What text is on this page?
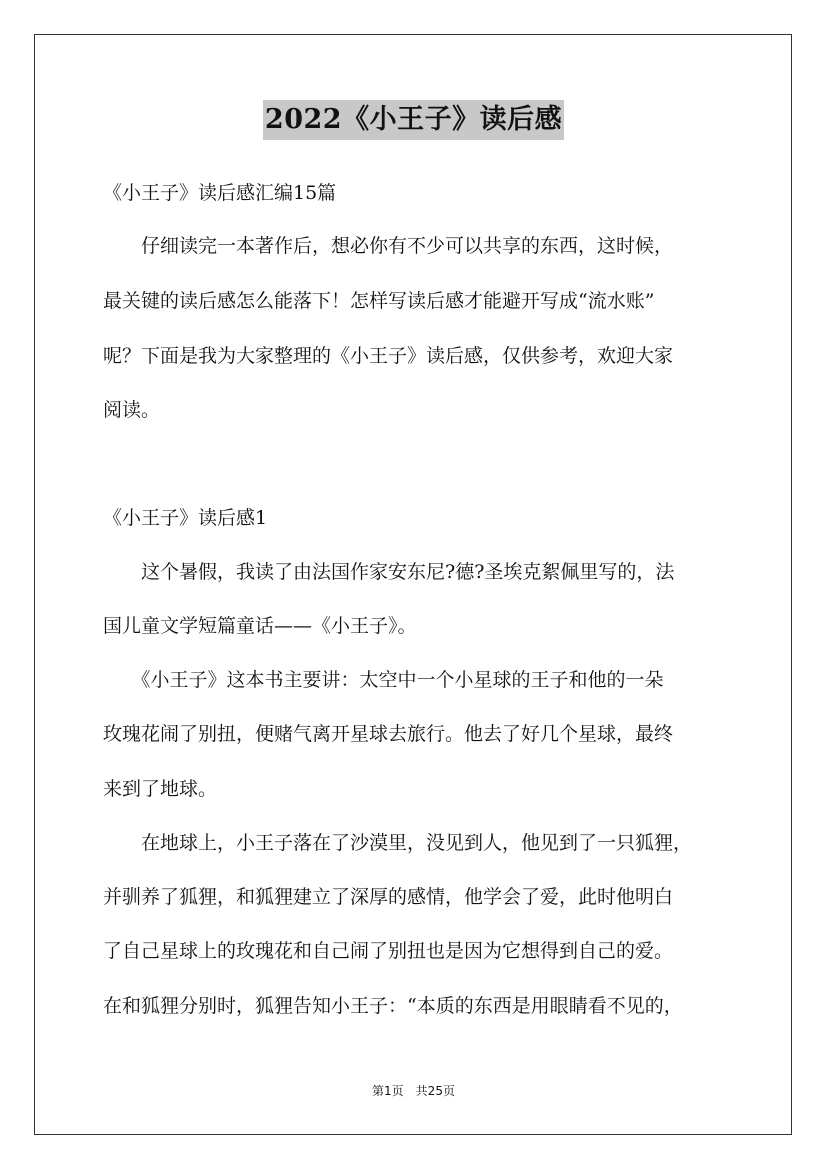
2022《小王子》读后感
《小王子》读后感汇编15篇
　　仔细读完一本著作后，想必你有不少可以共享的东西，这时候，
最关键的读后感怎么能落下！怎样写读后感才能避开写成“流水账”
呢？下面是我为大家整理的《小王子》读后感，仅供参考，欢迎大家
阅读。
《小王子》读后感1
　　这个暑假，我读了由法国作家安东尼?德?圣埃克絮佩里写的，法
国儿童文学短篇童话——《小王子》。
　　《小王子》这本书主要讲：太空中一个小星球的王子和他的一朵
玫瑰花闹了别扭，便赌气离开星球去旅行。他去了好几个星球，最终
来到了地球。
　　在地球上，小王子落在了沙漠里，没见到人，他见到了一只狐狸，
并驯养了狐狸，和狐狸建立了深厚的感情，他学会了爱，此时他明白
了自己星球上的玫瑰花和自己闹了别扭也是因为它想得到自己的爱。
在和狐狸分别时，狐狸告知小王子：“本质的东西是用眼睛看不见的，
第1页　共25页
